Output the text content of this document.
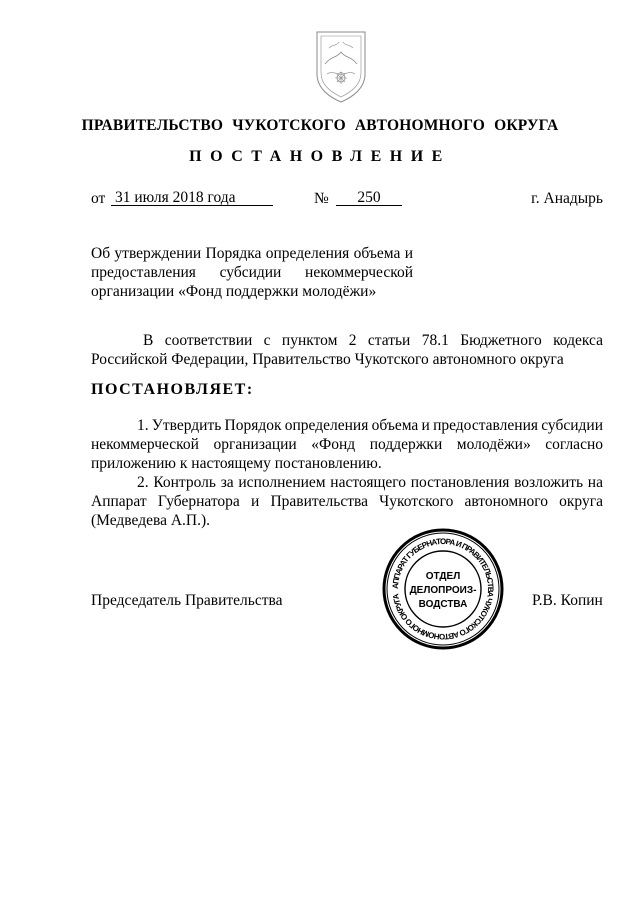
ПРАВИТЕЛЬСТВО ЧУКОТСКОГО АВТОНОМНОГО ОКРУГА
ПОСТАНОВЛЕНИЕ
от 31 июля 2018 года	№	250	г. Анадырь
Об утверждении Порядка определения объема и
предоставления субсидии некоммерческой
организации «Фонд поддержки молодёжи»
В соответствии с пунктом 2 статьи 78.1 Бюджетного кодекса
Российской Федерации, Правительство Чукотского автономного округа
ПОСТАНОВЛЯЕТ:
1. Утвердить Порядок определения объема и предоставления субсидии
некоммерческой организации «Фонд поддержки молодёжи» согласно
приложению к настоящему постановлению.
2. Контроль за исполнением настоящего постановления возложить на
Аппарат Губернатора и Правительства Чукотского автономного округа
(Медведева А.П.).
Председатель Правительства	Р.В. Копин
АППАРАТ ГУБЕРНАТОРА И ПРАВИТЕЛЬСТВА ЧУКОТСКОГО АВТОНОМНОГО ОКРУГА
ОТДЕЛ
ДЕЛОПРОИЗ-
ВОДСТВА
